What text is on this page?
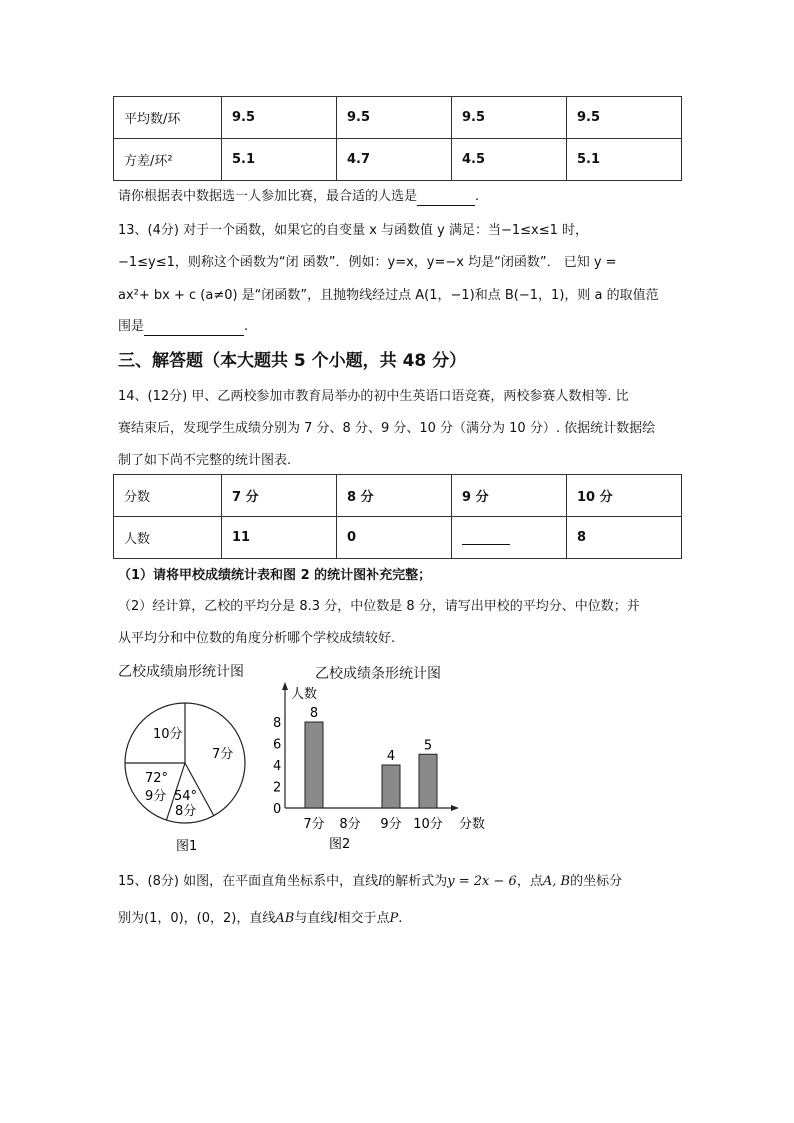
平均数/环	9.5	9.5	9.5	9.5
方差/环²	5.1	4.7	4.5	5.1
请你根据表中数据选一人参加比赛，最合适的人选是	.
13、(4分) 对于一个函数，如果它的自变量 x 与函数值 y 满足：当−1≤x≤1 时，
−1≤y≤1，则称这个函数为“闭 函数”．例如：y=x，y=−x 均是“闭函数”． 已知 y =
ax²+ bx + c (a≠0) 是“闭函数”，且抛物线经过点 A(1，−1)和点 B(−1，1)，则 a 的取值范
围是	.
三、解答题（本大题共 5 个小题，共 48 分）
14、(12分) 甲、乙两校参加市教育局举办的初中生英语口语竞赛，两校参赛人数相等. 比
赛结束后，发现学生成绩分别为 7 分、8 分、9 分、10 分（满分为 10 分）. 依据统计数据绘
制了如下尚不完整的统计图表.
分数	7 分	8 分	9 分	10 分
人数	11	0		8
（1）请将甲校成绩统计表和图 2 的统计图补充完整；
（2）经计算，乙校的平均分是 8.3 分，中位数是 8 分，请写出甲校的平均分、中位数；并
从平均分和中位数的角度分析哪个学校成绩较好.
乙校成绩扇形统计图
10分
7分
72°
9分 54°
8分
图1
乙校成绩条形统计图
人数
分数
图2
0
2
4
6
8
8
7分 8分
4
9分
5
10分
15、(8分) 如图，在平面直角坐标系中，直线l的解析式为y = 2x − 6，点A, B的坐标分
别为(1，0)，(0，2)，直线AB与直线l相交于点P.
